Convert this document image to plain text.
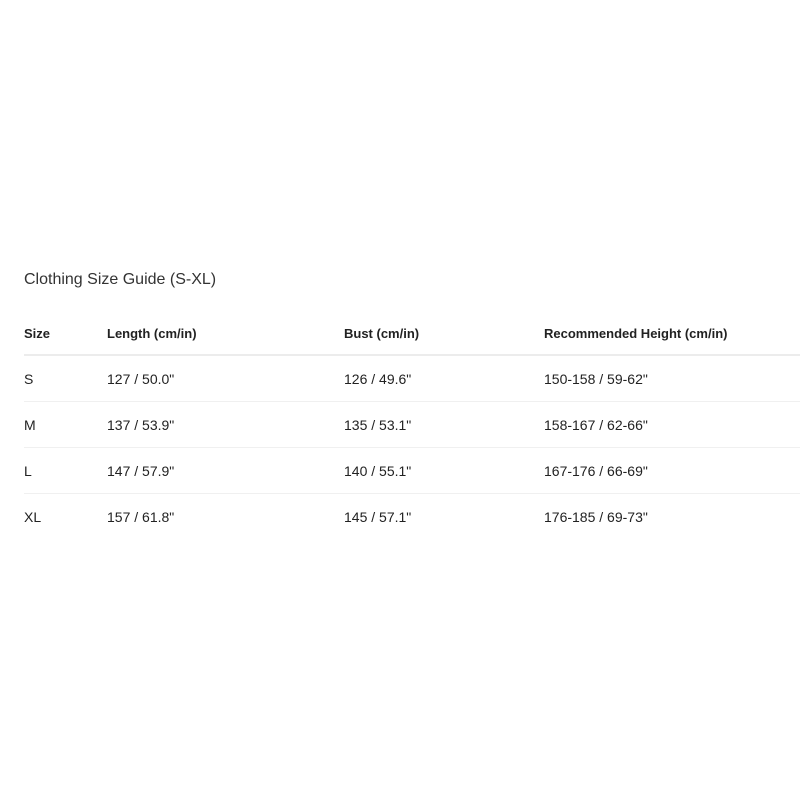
Clothing Size Guide (S-XL)
Size	Length (cm/in)	Bust (cm/in)	Recommended Height (cm/in)
S	127 / 50.0"	126 / 49.6"	150-158 / 59-62"
M	137 / 53.9"	135 / 53.1"	158-167 / 62-66"
L	147 / 57.9"	140 / 55.1"	167-176 / 66-69"
XL	157 / 61.8"	145 / 57.1"	176-185 / 69-73"
